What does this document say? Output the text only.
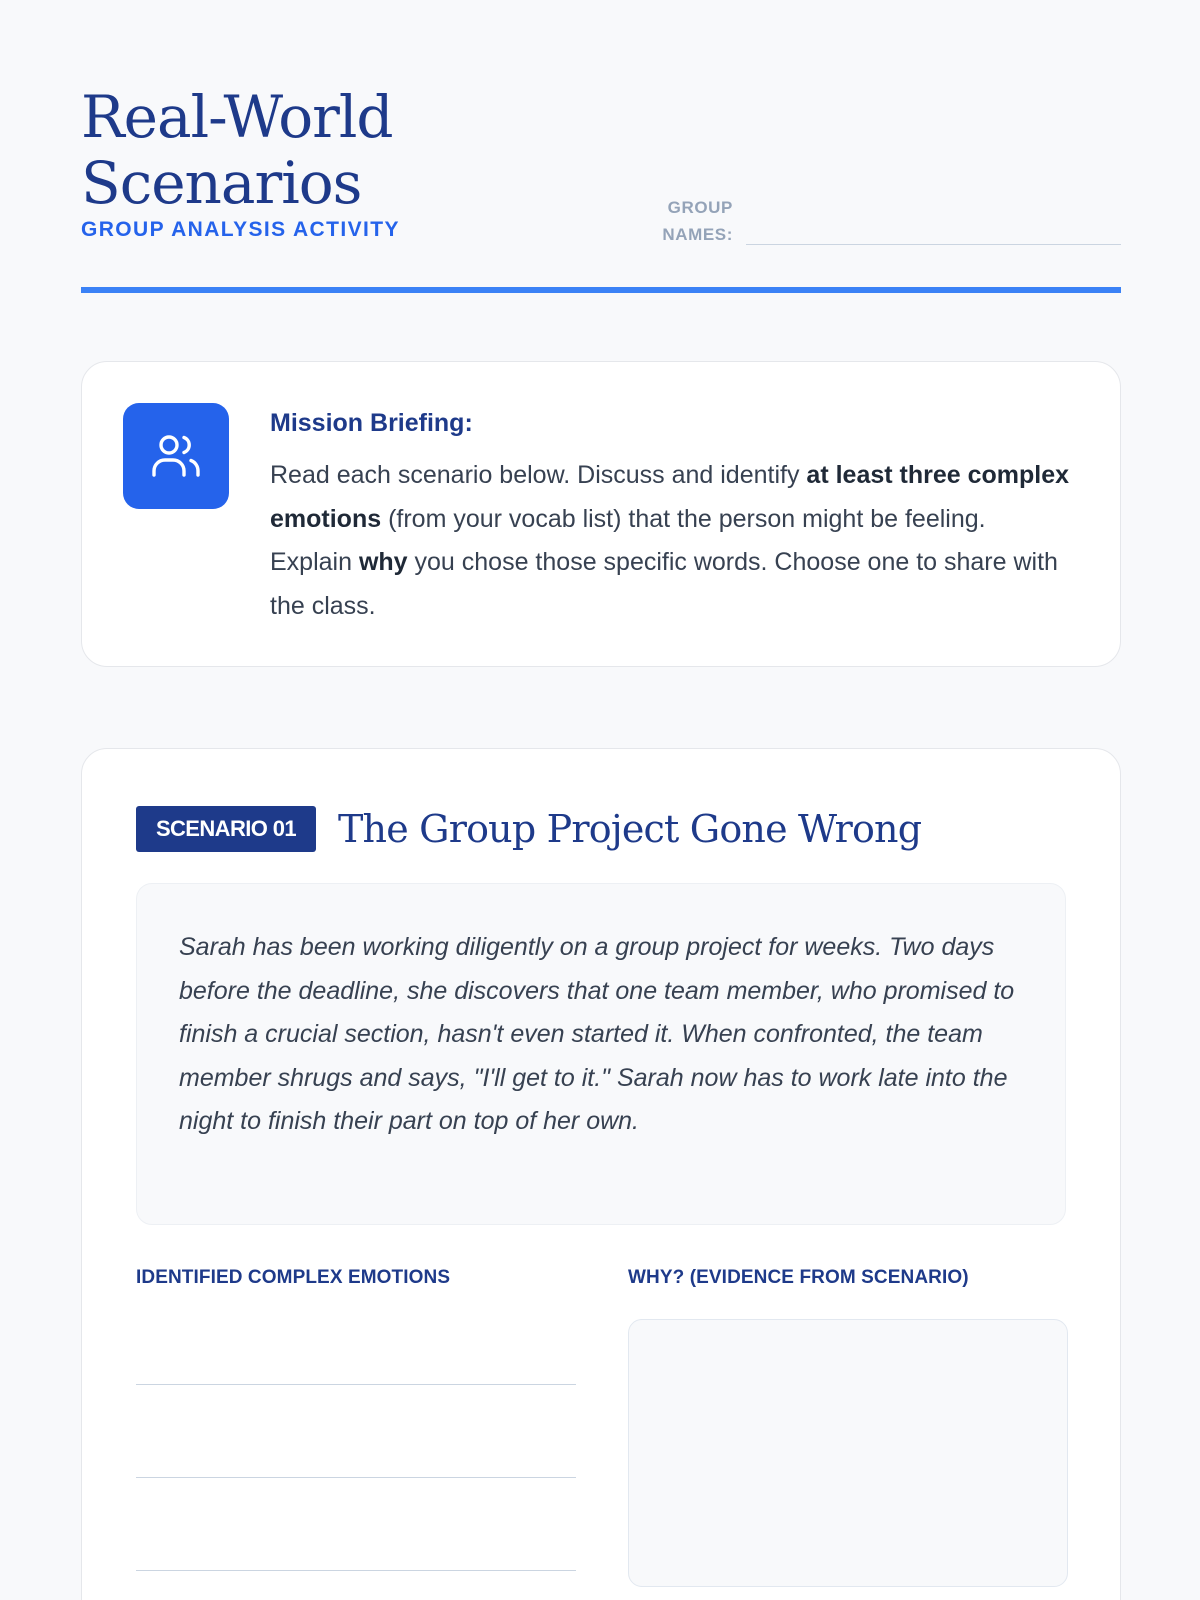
Real-World Scenarios
GROUP ANALYSIS ACTIVITY
GROUP NAMES:
Mission Briefing:

Read each scenario below. Discuss and identify at least three complex emotions (from your vocab list) that the person might be feeling. Explain why you chose those specific words. Choose one to share with the class.

SCENARIO 01	The Group Project Gone Wrong

Sarah has been working diligently on a group project for weeks. Two days before the deadline, she discovers that one team member, who promised to finish a crucial section, hasn't even started it. When confronted, the team member shrugs and says, "I'll get to it." Sarah now has to work late into the night to finish their part on top of her own.

IDENTIFIED COMPLEX EMOTIONS	WHY? (EVIDENCE FROM SCENARIO)
